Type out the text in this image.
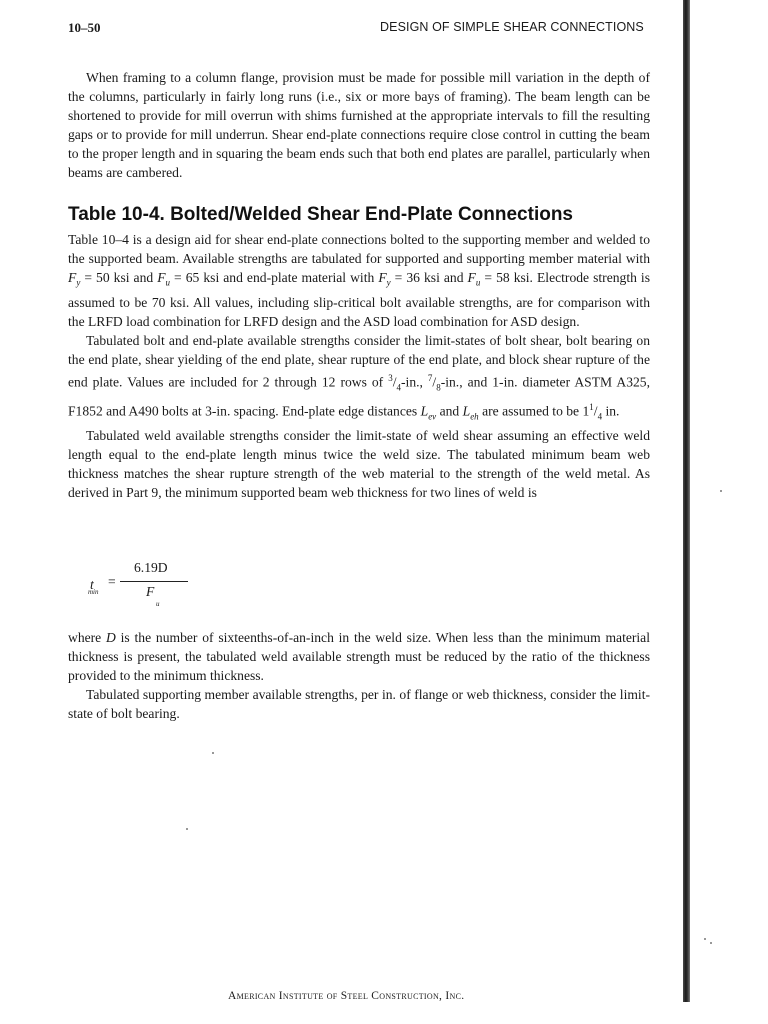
10–50	DESIGN OF SIMPLE SHEAR CONNECTIONS

When framing to a column flange, provision must be made for possible mill variation in the depth of the columns, particularly in fairly long runs (i.e., six or more bays of framing). The beam length can be shortened to provide for mill overrun with shims furnished at the appropriate intervals to fill the resulting gaps or to provide for mill underrun. Shear end-plate connections require close control in cutting the beam to the proper length and in squaring the beam ends such that both end plates are parallel, particularly when beams are cambered.

Table 10-4. Bolted/Welded Shear End-Plate Connections

Table 10–4 is a design aid for shear end-plate connections bolted to the supporting member and welded to the supported beam. Available strengths are tabulated for supported and supporting member material with $F_y = 50$ ksi and $F_u = 65$ ksi and end-plate material with $F_y = 36$ ksi and $F_u = 58$ ksi. Electrode strength is assumed to be 70 ksi. All values, including slip-critical bolt available strengths, are for comparison with the LRFD load combination for LRFD design and the ASD load combination for ASD design.

Tabulated bolt and end-plate available strengths consider the limit-states of bolt shear, bolt bearing on the end plate, shear yielding of the end plate, shear rupture of the end plate, and block shear rupture of the end plate. Values are included for 2 through 12 rows of $^3/_4-in$., $^7/_8-in$., and 1-in. diameter ASTM A325, F1852 and A490 bolts at 3-in. spacing. End-plate edge distances $L_{ev}$ and $L_{eh}$ are assumed to be $1^1/_4$ in.

Tabulated weld available strengths consider the limit-state of weld shear assuming an effective weld length equal to the end-plate length minus twice the weld size. The tabulated minimum beam web thickness matches the shear rupture strength of the web material to the strength of the weld metal. As derived in Part 9, the minimum supported beam web thickness for two lines of weld is

t
min
=
6.19D
F
u

where D is the number of sixteenths-of-an-inch in the weld size. When less than the minimum material thickness is present, the tabulated weld available strength must be reduced by the ratio of the thickness provided to the minimum thickness.

Tabulated supporting member available strengths, per in. of flange or web thickness, consider the limit-state of bolt bearing.

American Institute of Steel Construction, Inc.
